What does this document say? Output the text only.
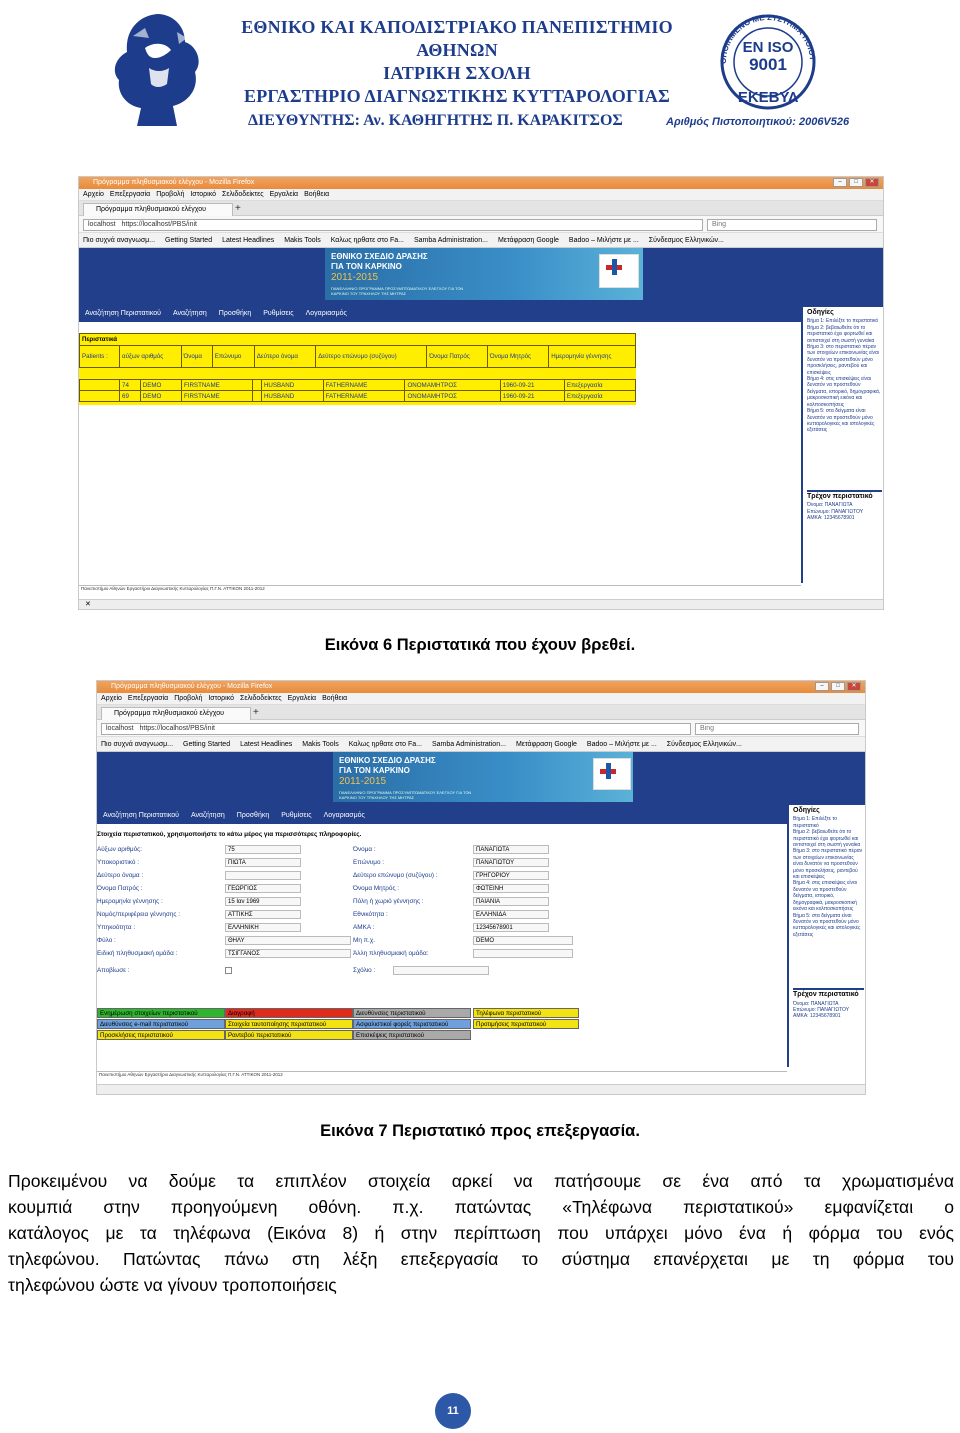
ΕΘΝΙΚΟ ΚΑΙ ΚΑΠΟΔΙΣΤΡΙΑΚΟ ΠΑΝΕΠΙΣΤΗΜΙΟ
ΑΘΗΝΩΝ
ΙΑΤΡΙΚΗ ΣΧΟΛΗ
ΕΡΓΑΣΤΗΡΙΟ ΔΙΑΓΝΩΣΤΙΚΗΣ ΚΥΤΤΑΡΟΛΟΓΙΑΣ
ΔΙΕΥΘΥΝΤΗΣ: Αν. ΚΑΘΗΓΗΤΗΣ Π. ΚΑΡΑΚΙΤΣΟΣ
ΟΠΟΙΗΜΕΝΟ ΜΕ ΣΥΣΤΗΜΑ ΠΟΙΟΤ
EN ISO
9001
ΕΚΕΒΥΛ
Αριθμός Πιστοποιητικού: 2006V526
Πρόγραμμα πληθυσμιακού ελέγχου - Mozilla Firefox	–	□	✕
Αρχείο Επεξεργασία Προβολή Ιστορικό Σελιδοδείκτες Εργαλεία Βοήθεια
Πρόγραμμα πληθυσμιακού ελέγχου	+
localhost https://localhost/PBS/init	Bing
Πιο συχνά αναγνωσμ... Getting Started Latest Headlines Makis Tools Καλως ηρθατε στο Fa... Samba Administration... Μετάφραση Google Badoo – Μιλήστε με ... Σύνδεσμος Ελληνικών...
ΕΘΝΙΚΟ ΣΧΕΔΙΟ ΔΡΑΣΗΣ
ΓΙΑ ΤΟΝ ΚΑΡΚΙΝΟ
2011-2015
ΠΑΝΕΛΛΗΝΙΟ ΠΡΟΓΡΑΜΜΑ ΠΡΟΣΥΜΠΤΩΜΑΤΙΚΟΥ ΕΛΕΓΧΟΥ ΓΙΑ ΤΟΝ ΚΑΡΚΙΝΟ ΤΟΥ ΤΡΑΧΗΛΟΥ ΤΗΣ ΜΗΤΡΑΣ
Αναζήτηση Περιστατικού Αναζήτηση Προσθήκη Ρυθμίσεις Λογαριασμός
Περιστατικά
Patients :	αύξων αριθμός	Όνομα	Επώνυμο	Δεύτερο όνομα	Δεύτερο επώνυμο (συζύγου)	Όνομα Πατρός	Όνομα Μητρός	Ημερομηνία γέννησης
	74	DEMO	FIRSTNAME		HUSBAND	FATHERNAME	ONOMAMHTPOΣ	1960-09-21	Επεξεργασία
	69	DEMO	FIRSTNAME		HUSBAND	FATHERNAME	ONOMAMHTPOΣ	1960-09-21	Επεξεργασία
Οδηγίες
Βήμα 1: Επιλέξτε το περιστατικό
Βήμα 2: βεβαιωθείτε ότι το περιστατικό έχει φορτωθεί και αντιστοιχεί στη σωστή γυναίκα
Βήμα 3: στο περιστατικό πέραν των στοιχείων επικοινωνίας είναι δυνατόν να προστεθούν μόνο προσκλήσεις, ραντεβού και επισκέψεις
Βήμα 4: στις επισκέψεις είναι δυνατόν να προστεθούν δείγματα, ιστορικό, δημογραφικά, μακροσκοπική εικόνα και κολποσκοπήσεις
Βήμα 5: στα δείγματα είναι δυνατόν να προστεθούν μόνο κυτταρολογικές και ιστολογικές εξετάσεις
Τρέχον περιστατικό
Όνομα: ΠΑΝΑΓΙΩΤΑ
Επώνυμο: ΠΑΝΑΓΙΩΤΟΥ
ΑΜΚΑ: 12345678901
Πανεπιστήμιο Αθηνών Εργαστήριο Διαγνωστικής Κυτταρολογίας Π.Γ.Ν. ΑΤΤΙΚΟΝ 2011-2012
✕
Εικόνα 6 Περιστατικά που έχουν βρεθεί.
Πρόγραμμα πληθυσμιακού ελέγχου - Mozilla Firefox	–	□	✕
Αρχείο Επεξεργασία Προβολή Ιστορικό Σελιδοδείκτες Εργαλεία Βοήθεια
Πρόγραμμα πληθυσμιακού ελέγχου	+
localhost https://localhost/PBS/init	Bing
Πιο συχνά αναγνωσμ... Getting Started Latest Headlines Makis Tools Καλως ηρθατε στο Fa... Samba Administration... Μετάφραση Google Badoo – Μιλήστε με ... Σύνδεσμος Ελληνικών...
ΕΘΝΙΚΟ ΣΧΕΔΙΟ ΔΡΑΣΗΣ
ΓΙΑ ΤΟΝ ΚΑΡΚΙΝΟ
2011-2015
ΠΑΝΕΛΛΗΝΙΟ ΠΡΟΓΡΑΜΜΑ ΠΡΟΣΥΜΠΤΩΜΑΤΙΚΟΥ ΕΛΕΓΧΟΥ ΓΙΑ ΤΟΝ ΚΑΡΚΙΝΟ ΤΟΥ ΤΡΑΧΗΛΟΥ ΤΗΣ ΜΗΤΡΑΣ
Αναζήτηση Περιστατικού Αναζήτηση Προσθήκη Ρυθμίσεις Λογαριασμός
Στοιχεία περιστατικού, χρησιμοποιήστε το κάτω μέρος για περισσότερες πληροφορίες.
Αύξων αριθμός:	75
Υποκοριστικό :	ΠΙΩΤΑ
Δεύτερο όνομα :
Όνομα Πατρός :	ΓΕΩΡΓΙΟΣ
Ημερομηνία γέννησης :	15 Ιαν 1969
Νομός/περιφέρεια γέννησης :	ΑΤΤΙΚΗΣ
Υπηκοότητα :	ΕΛΛΗΝΙΚΗ
Φύλο :	ΘΗΛΥ
Ειδική πληθυσμιακή ομάδα :	ΤΣΙΓΓΑΝΟΣ
Όνομα :	ΠΑΝΑΓΙΩΤΑ
Επώνυμο :	ΠΑΝΑΓΙΩΤΟΥ
Δεύτερο επώνυμο (συζύγου) :	ΓΡΗΓΟΡΙΟΥ
Όνομα Μητρός :	ΦΩΤΕΙΝΗ
Πόλη ή χωριό γέννησης :	ΠΑΙΑΝΙΑ
Εθνικότητα :	ΕΛΛΗΝΙΔΑ
ΑΜΚΑ :	12345678901
Μη π.χ.	DEMO
Άλλη πληθυσμιακή ομάδα:
Αποβίωσε :	Σχόλιο :
Ενημέρωση στοιχείων περιστατικού	Διαγραφή	Διευθύνσεις περιστατικού	Τηλέφωνα περιστατικού
Διευθύνσεις e-mail περιστατικού	Στοιχεία ταυτοποίησης περιστατικού	Ασφαλιστικοί φορείς περιστατικού	Προτιμήσεις περιστατικού
Προσκλήσεις περιστατικού	Ραντεβού περιστατικού	Επισκέψεις περιστατικού
Οδηγίες
Βήμα 1: Επιλέξτε το περιστατικό
Βήμα 2: βεβαιωθείτε ότι το περιστατικό έχει φορτωθεί και αντιστοιχεί στη σωστή γυναίκα
Βήμα 3: στο περιστατικό πέραν των στοιχείων επικοινωνίας είναι δυνατόν να προστεθούν μόνο προσκλήσεις, ραντεβού και επισκέψεις
Βήμα 4: στις επισκέψεις είναι δυνατόν να προστεθούν δείγματα, ιστορικό, δημογραφικά, μακροσκοπική εικόνα και κολποσκοπήσεις
Βήμα 5: στα δείγματα είναι δυνατόν να προστεθούν μόνο κυτταρολογικές και ιστολογικές εξετάσεις
Τρέχον περιστατικό
Όνομα: ΠΑΝΑΓΙΩΤΑ
Επώνυμο: ΠΑΝΑΓΙΩΤΟΥ
ΑΜΚΑ: 12345678901
Πανεπιστήμιο Αθηνών Εργαστήριο Διαγνωστικής Κυτταρολογίας Π.Γ.Ν. ΑΤΤΙΚΟΝ 2011-2012
Εικόνα 7 Περιστατικό προς επεξεργασία.
Προκειμένου να δούμε τα επιπλέον στοιχεία αρκεί να πατήσουμε σε ένα από τα χρωματισμένα
κουμπιά στην προηγούμενη οθόνη. π.χ. πατώντας «Τηλέφωνα περιστατικού» εμφανίζεται ο
κατάλογος με τα τηλέφωνα (Εικόνα 8) ή στην περίπτωση που υπάρχει μόνο ένα ή φόρμα του ενός
τηλεφώνου. Πατώντας πάνω στη λέξη επεξεργασία το σύστημα επανέρχεται με τη φόρμα του
τηλεφώνου ώστε να γίνουν τροποποιήσεις
11
